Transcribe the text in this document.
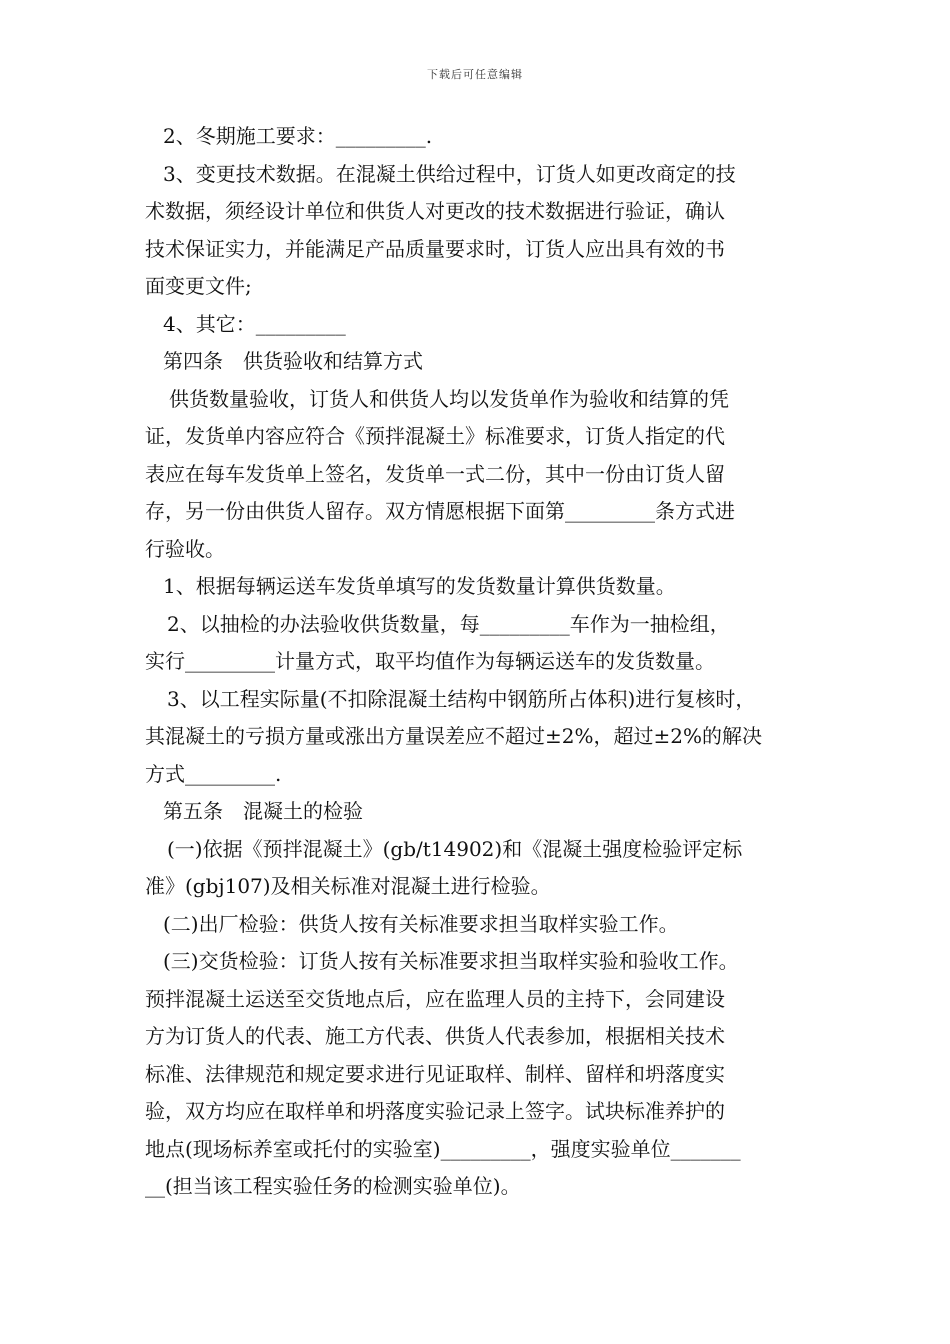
下载后可任意编辑
2、冬期施工要求：_________.
3、变更技术数据。在混凝土供给过程中，订货人如更改商定的技
术数据，须经设计单位和供货人对更改的技术数据进行验证，确认
技术保证实力，并能满足产品质量要求时，订货人应出具有效的书
面变更文件;
4、其它：_________
第四条　供货验收和结算方式
供货数量验收，订货人和供货人均以发货单作为验收和结算的凭
证，发货单内容应符合《预拌混凝土》标准要求，订货人指定的代
表应在每车发货单上签名，发货单一式二份，其中一份由订货人留
存，另一份由供货人留存。双方情愿根据下面第_________条方式进
行验收。
1、根据每辆运送车发货单填写的发货数量计算供货数量。
2、以抽检的办法验收供货数量，每_________车作为一抽检组，
实行_________计量方式，取平均值作为每辆运送车的发货数量。
3、以工程实际量(不扣除混凝土结构中钢筋所占体积)进行复核时，
其混凝土的亏损方量或涨出方量误差应不超过±2%，超过±2%的解决
方式_________.
第五条　混凝土的检验
(一)依据《预拌混凝土》(gb/t14902)和《混凝土强度检验评定标
准》(gbj107)及相关标准对混凝土进行检验。
(二)出厂检验：供货人按有关标准要求担当取样实验工作。
(三)交货检验：订货人按有关标准要求担当取样实验和验收工作。
预拌混凝土运送至交货地点后，应在监理人员的主持下，会同建设
方为订货人的代表、施工方代表、供货人代表参加，根据相关技术
标准、法律规范和规定要求进行见证取样、制样、留样和坍落度实
验，双方均应在取样单和坍落度实验记录上签字。试块标准养护的
地点(现场标养室或托付的实验室)_________，强度实验单位_______
__(担当该工程实验任务的检测实验单位)。
